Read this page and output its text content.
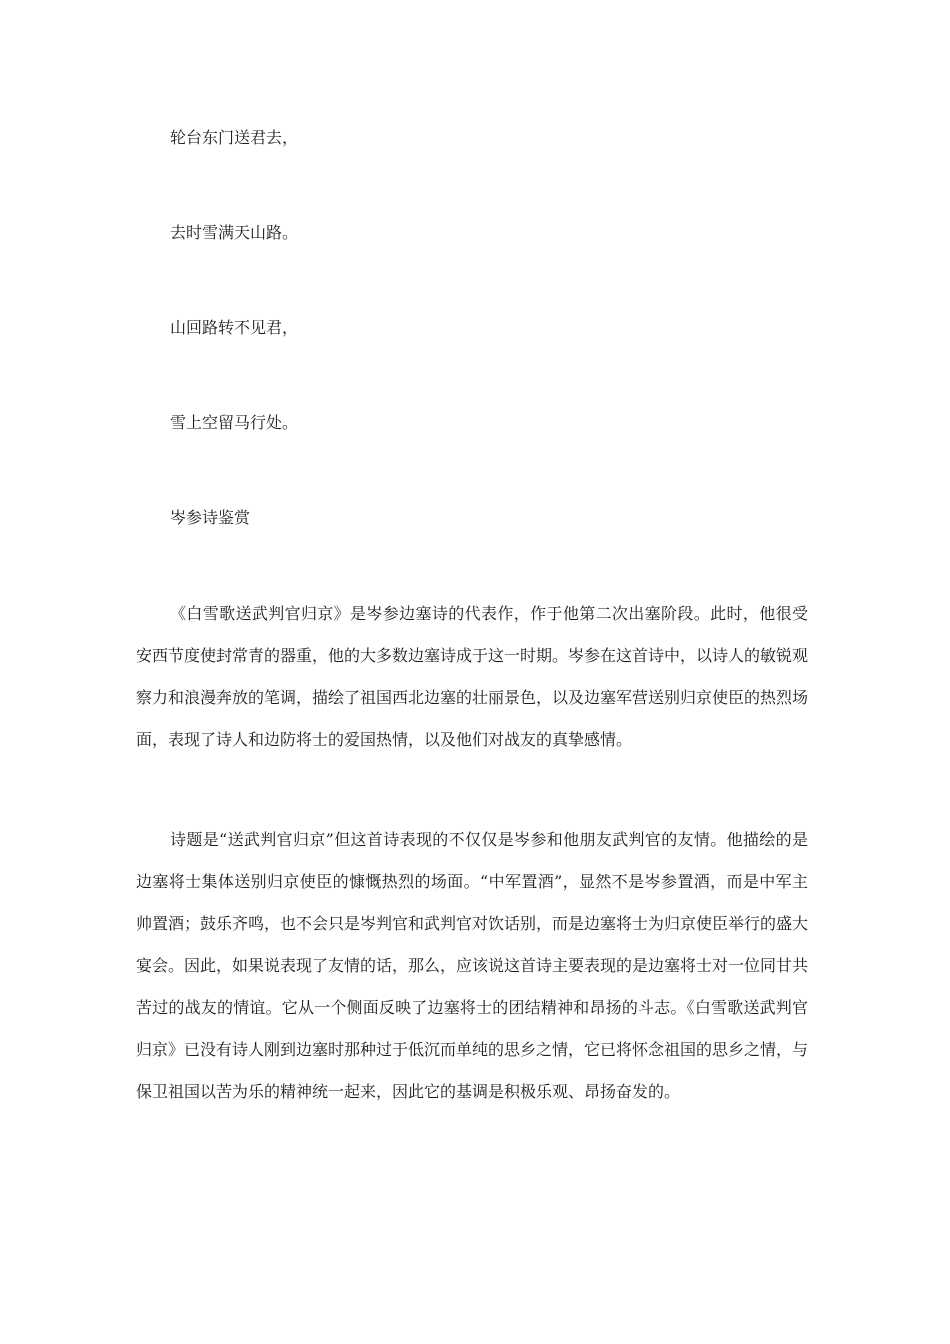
轮台东门送君去，

去时雪满天山路。

山回路转不见君，

雪上空留马行处。

岑参诗鉴赏

《白雪歌送武判官归京》是岑参边塞诗的代表作，作于他第二次出塞阶段。此时，他很受安西节度使封常青的器重，他的大多数边塞诗成于这一时期。岑参在这首诗中，以诗人的敏锐观察力和浪漫奔放的笔调，描绘了祖国西北边塞的壮丽景色，以及边塞军营送别归京使臣的热烈场面，表现了诗人和边防将士的爱国热情，以及他们对战友的真挚感情。

诗题是“送武判官归京”但这首诗表现的不仅仅是岑参和他朋友武判官的友情。他描绘的是边塞将士集体送别归京使臣的慷慨热烈的场面。“中军置酒”，显然不是岑参置酒，而是中军主帅置酒；鼓乐齐鸣，也不会只是岑判官和武判官对饮话别，而是边塞将士为归京使臣举行的盛大宴会。因此，如果说表现了友情的话，那么，应该说这首诗主要表现的是边塞将士对一位同甘共苦过的战友的情谊。它从一个侧面反映了边塞将士的团结精神和昂扬的斗志。《白雪歌送武判官归京》已没有诗人刚到边塞时那种过于低沉而单纯的思乡之情，它已将怀念祖国的思乡之情，与保卫祖国以苦为乐的精神统一起来，因此它的基调是积极乐观、昂扬奋发的。
